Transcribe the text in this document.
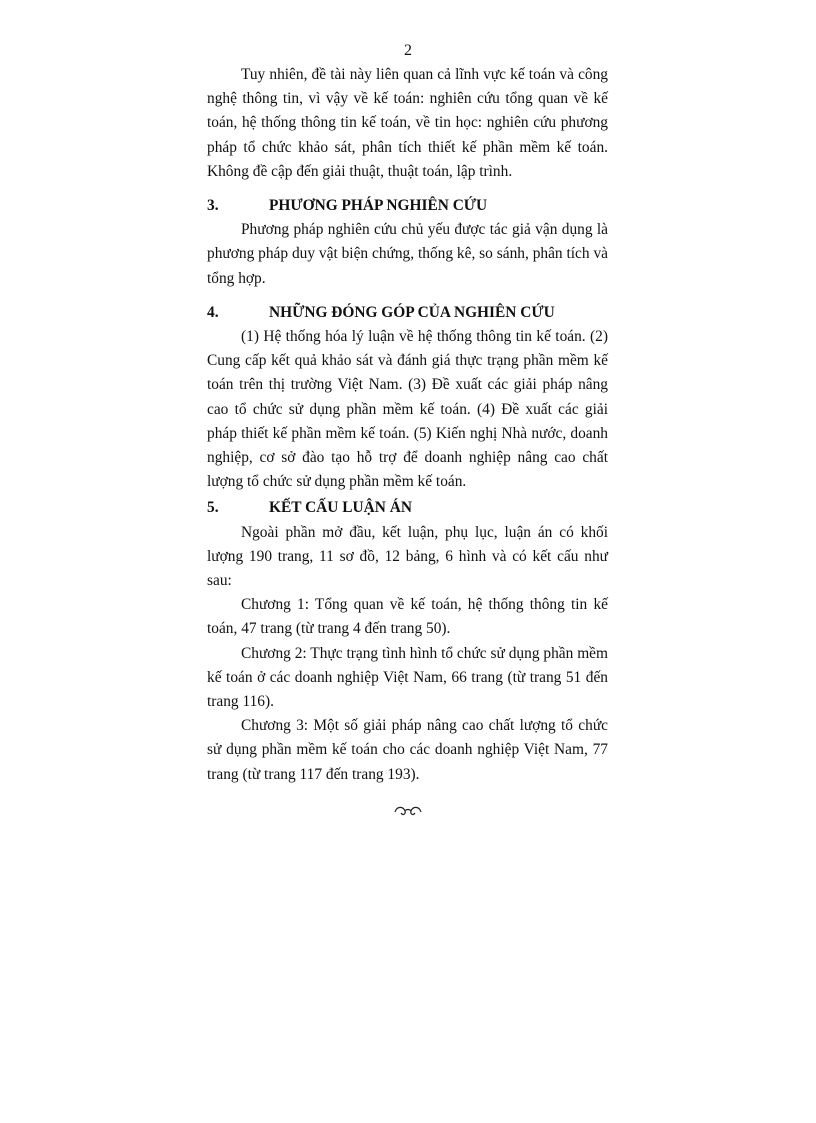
2

Tuy nhiên, đề tài này liên quan cả lĩnh vực kế toán và công nghệ thông tin, vì vậy về kế toán: nghiên cứu tổng quan về kế toán, hệ thống thông tin kế toán, về tin học: nghiên cứu phương pháp tổ chức khảo sát, phân tích thiết kế phần mềm kế toán. Không đề cập đến giải thuật, thuật toán, lập trình.

3.	PHƯƠNG PHÁP NGHIÊN CỨU

Phương pháp nghiên cứu chủ yếu được tác giả vận dụng là phương pháp duy vật biện chứng, thống kê, so sánh, phân tích và tổng hợp.

4.	NHỮNG ĐÓNG GÓP CỦA NGHIÊN CỨU

(1) Hệ thống hóa lý luận về hệ thống thông tin kế toán. (2) Cung cấp kết quả khảo sát và đánh giá thực trạng phần mềm kế toán trên thị trường Việt Nam. (3) Đề xuất các giải pháp nâng cao tổ chức sử dụng phần mềm kế toán. (4) Đề xuất các giải pháp thiết kế phần mềm kế toán. (5) Kiến nghị Nhà nước, doanh nghiệp, cơ sở đào tạo hỗ trợ để doanh nghiệp nâng cao chất lượng tổ chức sử dụng phần mềm kế toán.

5.	KẾT CẤU LUẬN ÁN

Ngoài phần mở đầu, kết luận, phụ lục, luận án có khối lượng 190 trang, 11 sơ đồ, 12 bảng, 6 hình và có kết cấu như sau:

Chương 1: Tổng quan về kế toán, hệ thống thông tin kế toán, 47 trang (từ trang 4 đến trang 50).

Chương 2: Thực trạng tình hình tổ chức sử dụng phần mềm kế toán ở các doanh nghiệp Việt Nam, 66 trang (từ trang 51 đến trang 116).

Chương 3: Một số giải pháp nâng cao chất lượng tổ chức sử dụng phần mềm kế toán cho các doanh nghiệp Việt Nam, 77 trang (từ trang 117 đến trang 193).
